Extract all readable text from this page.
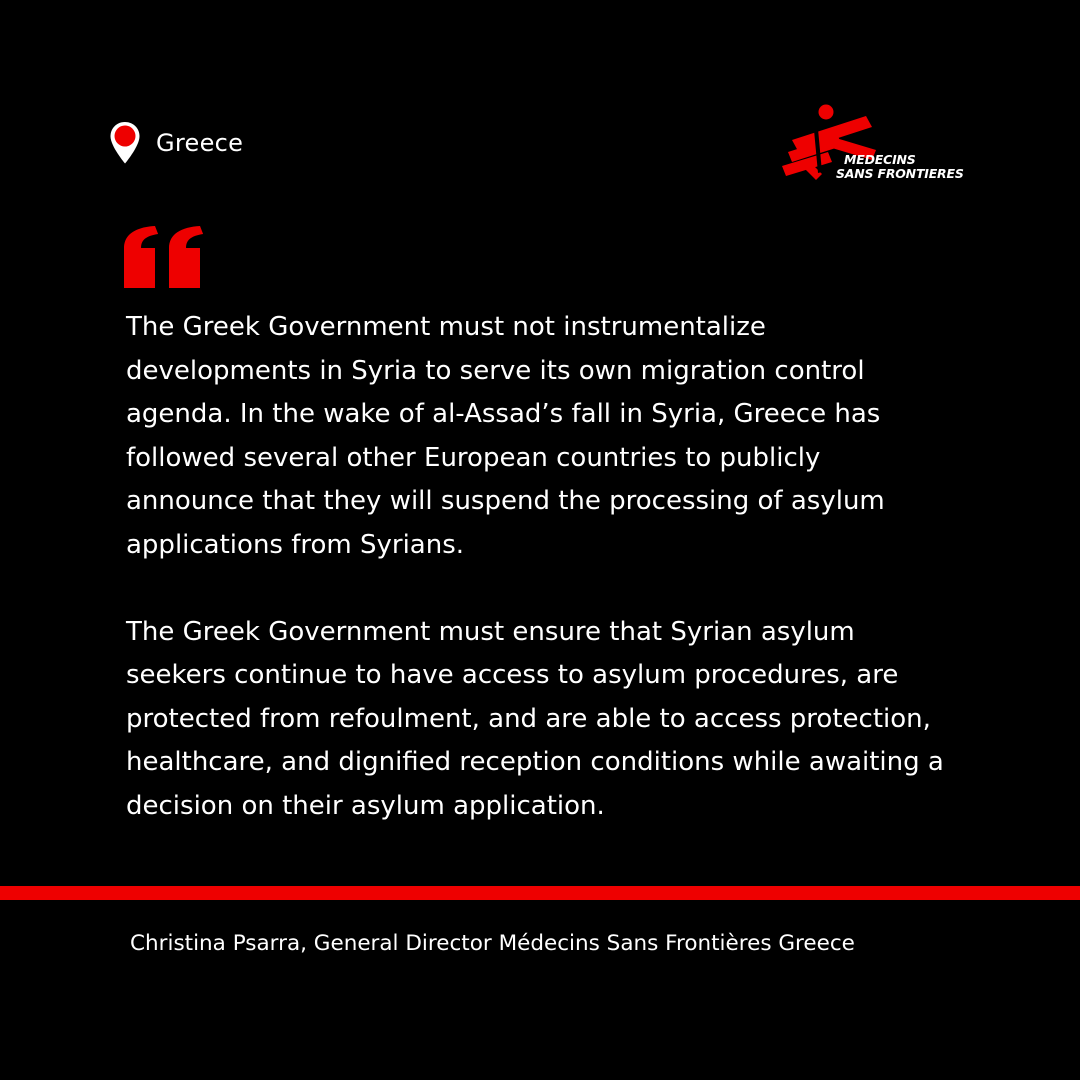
Greece
MEDECINS
SANS FRONTIERES

The Greek Government must not instrumentalize developments in Syria to serve its own migration control agenda. In the wake of al-Assad’s fall in Syria, Greece has followed several other European countries to publicly announce that they will suspend the processing of asylum applications from Syrians.

The Greek Government must ensure that Syrian asylum seekers continue to have access to asylum procedures, are protected from refoulment, and are able to access protection, healthcare, and dignified reception conditions while awaiting a decision on their asylum application.

Christina Psarra, General Director Médecins Sans Frontières Greece
